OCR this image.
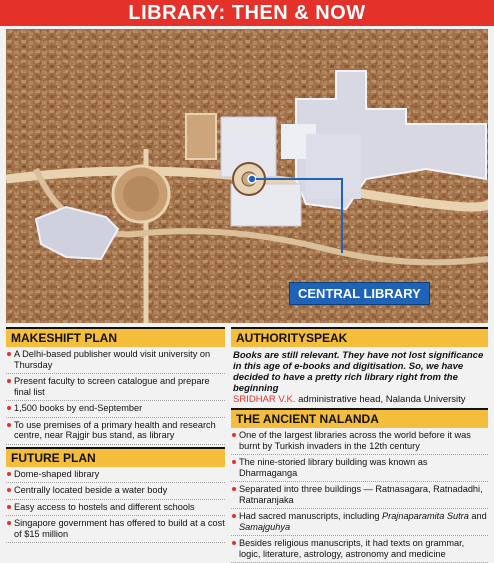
LIBRARY: THEN & NOW
CENTRAL LIBRARY
MAKESHIFT PLAN
A Delhi-based publisher would visit university on Thursday
Present faculty to screen catalogue and prepare final list
1,500 books by end-September
To use premises of a primary health and research centre, near Rajgir bus stand, as library
FUTURE PLAN
Dome-shaped library
Centrally located beside a water body
Easy access to hostels and different schools
Singapore government has offered to build at a cost of $15 million
AUTHORITYSPEAK
Books are still relevant. They have not lost significance in this age of e-books and digitisation. So, we have decided to have a pretty rich library right from the beginning
SRIDHAR V.K. administrative head, Nalanda University
THE ANCIENT NALANDA
One of the largest libraries across the world before it was burnt by Turkish invaders in the 12th century
The nine-storied library building was known as Dharmaganga
Separated into three buildings — Ratnasagara, Ratnadadhi, Ratnaranjaka
Had sacred manuscripts, including Prajnaparamita Sutra and Samajguhya
Besides religious manuscripts, it had texts on grammar, logic, literature, astrology, astronomy and medicine
